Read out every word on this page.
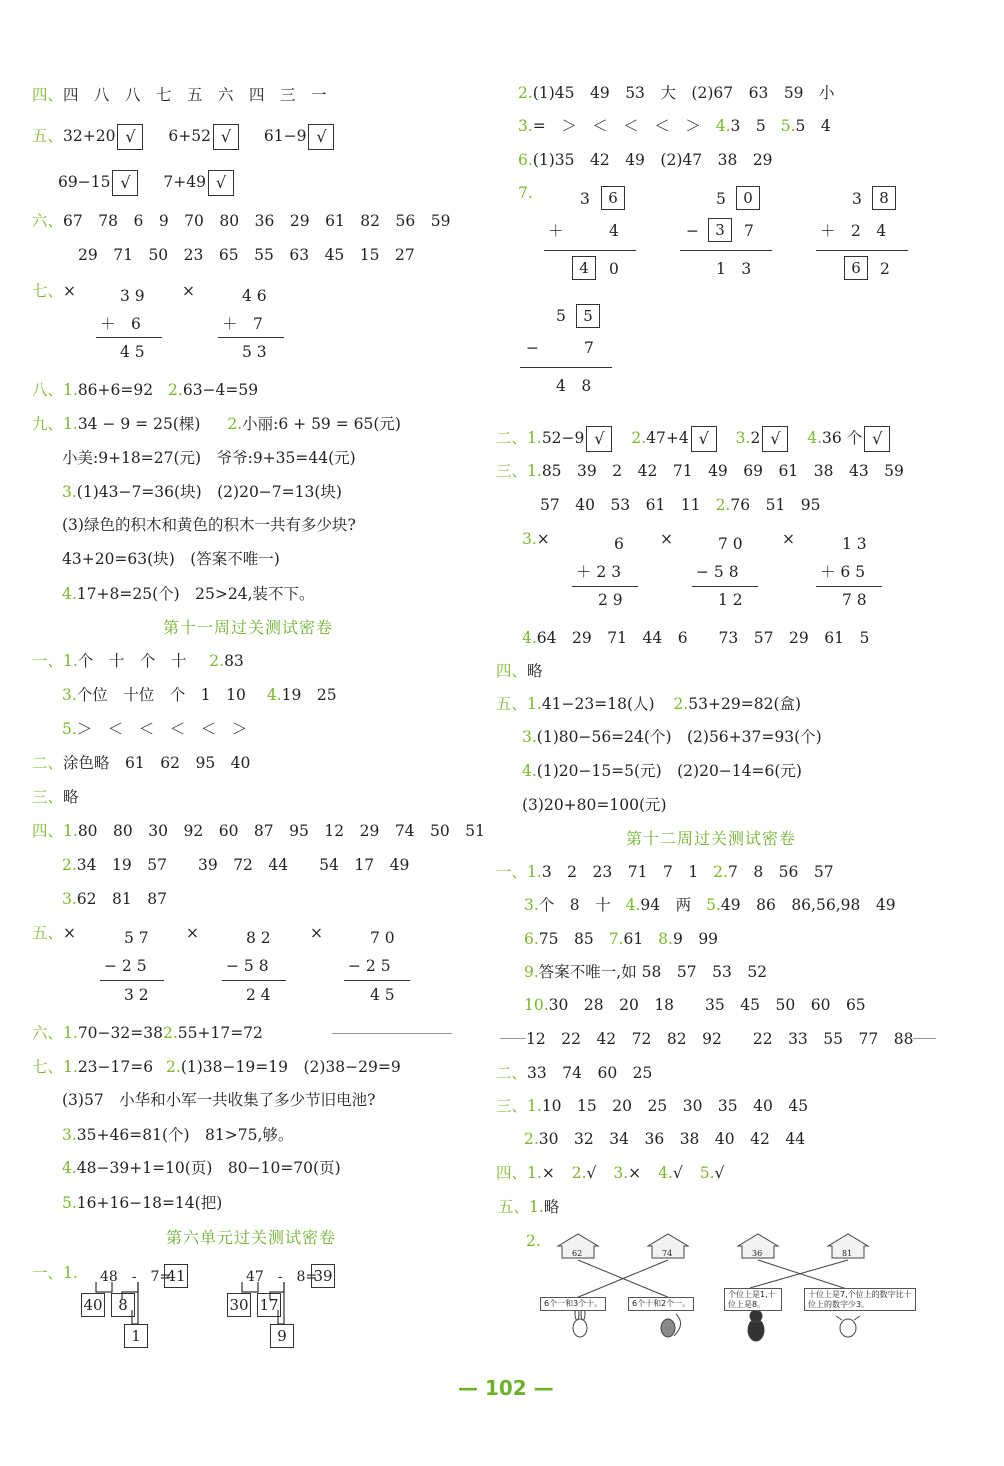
四、四　八　八　七　五　六　四　三　一
五、32+20 √ 6+52 √ 61−9 √
69−15 √ 7+49 √
六、67　78　6　9　70　80　36　29　61　82　56　59
29　71　50　23　65　55　63　45　15　27
七、×	3 9
＋　6
4 5
×	4 6
＋　7
5 3
八、1.86+6=92 2.63−4=59
九、1.34 − 9 = 25(棵) 2.小丽:6 + 59 = 65(元)
小美:9+18=27(元)　爷爷:9+35=44(元)
3.(1)43−7=36(块)　(2)20−7=13(块)
(3)绿色的积木和黄色的积木一共有多少块?
43+20=63(块)　(答案不唯一)
4.17+8=25(个)　25>24,装不下。
第十一周过关测试密卷
一、1.个　十　个　十 2.83
3.个位　十位　个　1　10 4.19　25
5.＞　＜　＜　＜　＜　＞
二、涂色略　61　62　95　40
三、略
四、1.80　80　30　92　60　87　95　12　29　74　50　51
2.34　19　57　　39　72　44　　54　17　49
3.62　81　87
五、×	5 7
− 2 5
3 2
×	8 2
− 5 8
2 4
×	7 0
− 2 5
4 5
六、1.70−32=382.55+17=72
七、1.23−17=6 2.(1)38−19=19　(2)38−29=9
(3)57　小华和小军一共收集了多少节旧电池?
3.35+46=81(个)　81>75,够。
4.48−39+1=10(页)　80−10=70(页)
5.16+16−18=14(把)
第六单元过关测试密卷
一、1. 48　-　7=
41
40	8
1
47　-　8=
39
30 17
9
2.(1)45　49　53　大　(2)67　63　59　小
3.=　＞　＜　＜　＜　＞ 4.3　5 5.5　4
6.(1)35　42　49　(2)47　38　29
7.	3	6
＋	4
4	0
5	0
−	3	7
1　3
3	8
＋　2　4
6	2
5	5
−	7
4　8
二、1.52−9 √ 2.47+4 √ 3.2 √ 4.36 个 √
三、1.85　39　2　42　71　49　69　61　38　43　59
57　40　53　61　11 2.76　51　95
3.×	6
＋ 2 3
2 9
×	7 0
− 5 8
1 2
×	1 3
＋ 6 5
7 8
4.64　29　71　44　6　　73　57　29　61　5
四、略
五、1.41−23=18(人) 2.53+29=82(盒)
3.(1)80−56=24(个)　(2)56+37=93(个)
4.(1)20−15=5(元)　(2)20−14=6(元)
(3)20+80=100(元)
第十二周过关测试密卷
一、1.3　2　23　71　7　1 2.7　8　56　57
3.个　8　十 4.94　两 5.49　86　86,56,98　49
6.75　85 7.61 8.9　99
9.答案不唯一,如 58　57　53　52
10.30　28　20　18　　35　45　50　60　65
12　22　42　72　82　92　　22　33　55　77　88
二、33　74　60　25
三、1.10　15　20　25　30　35　40　45
2.30　32　34　36　38　40　42　44
四、1.× 2.√ 3.× 4.√ 5.√
五、1.略
2.
62	74	36	81
6个一和3个十。	6个十和2个一。
个位上是1,十位上是8。
十位上是7,个位上的数字比十位上的数字少3。
— 102 —
